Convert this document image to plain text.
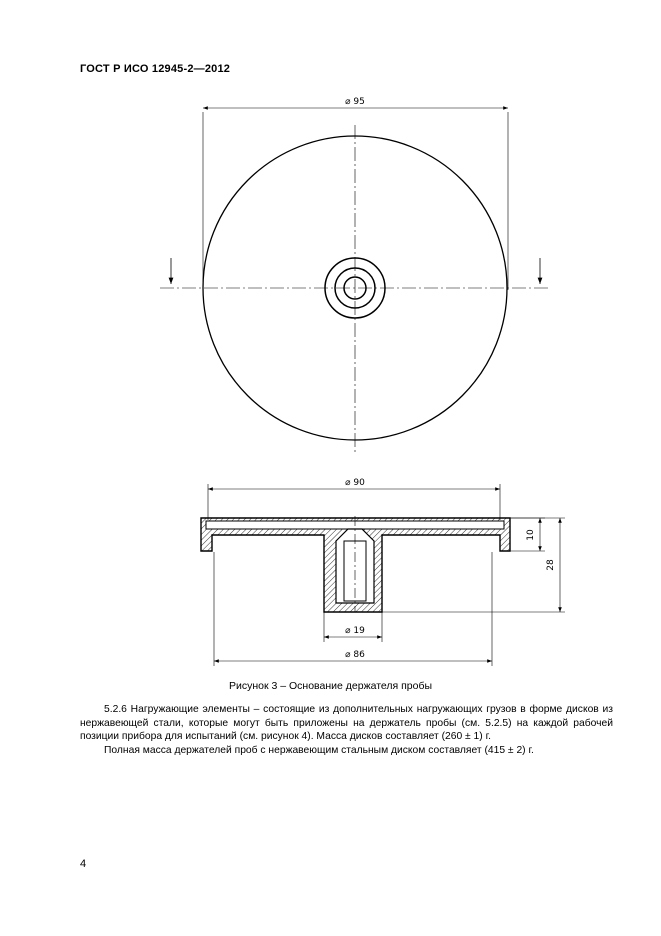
ГОСТ Р ИСО 12945-2—2012
⌀ 95
⌀ 90
10
28
⌀ 19
⌀ 86
Рисунок 3 – Основание держателя пробы
5.2.6 Нагружающие элементы – состоящие из дополнительных нагружающих грузов в форме дисков из нержавеющей стали, которые могут быть приложены на держатель пробы (см. 5.2.5) на каждой рабочей позиции прибора для испытаний (см. рисунок 4). Масса дисков составляет (260 ± 1) г.
Полная масса держателей проб с нержавеющим стальным диском составляет (415 ± 2) г.
4
